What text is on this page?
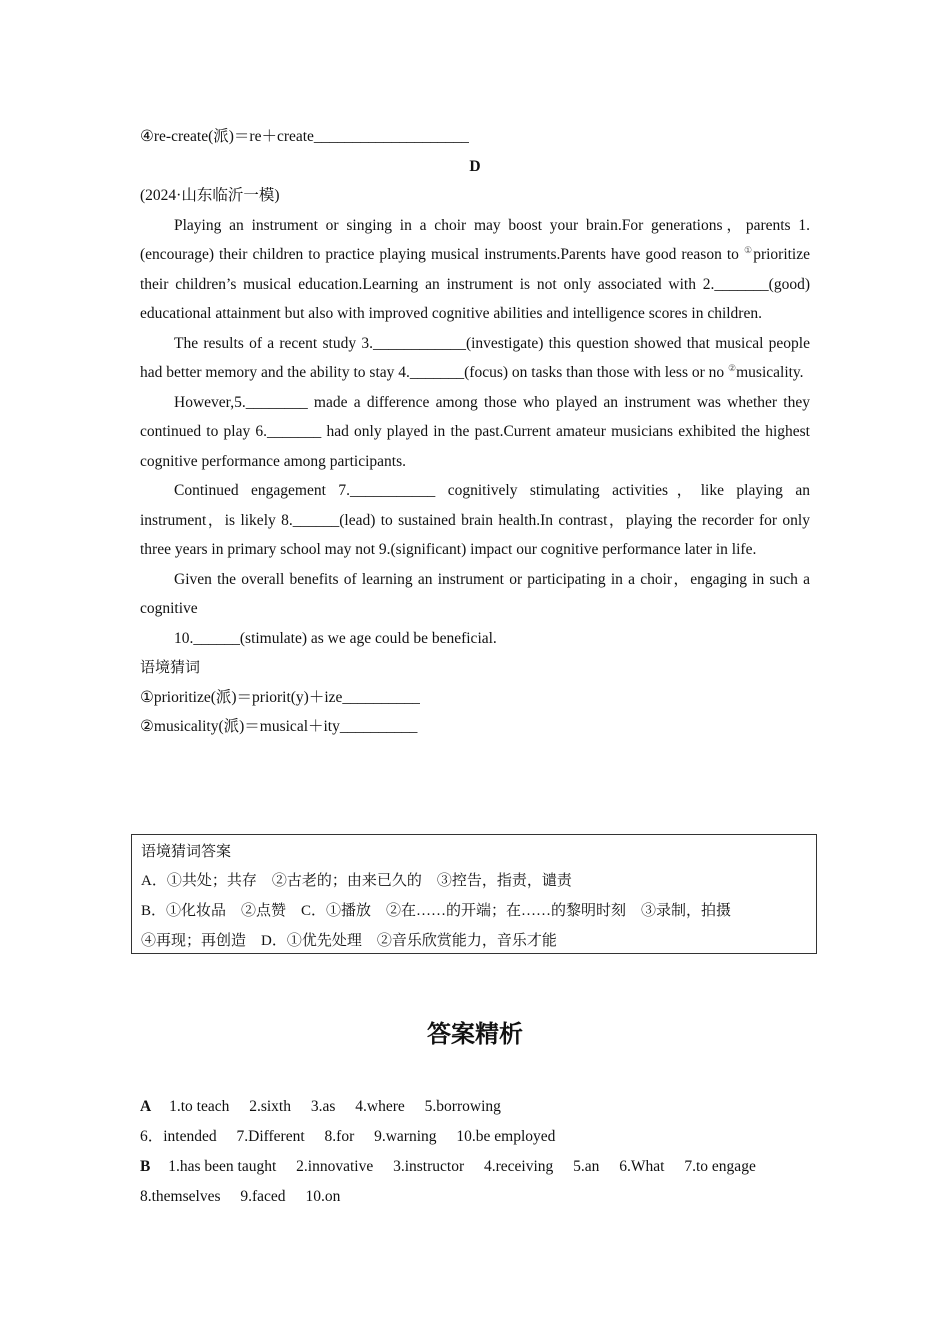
④re-create(派)＝re＋create____________________
D
(2024·山东临沂一模)

Playing an instrument or singing in a choir may boost your brain.For generations，parents 1.(encourage) their children to practice playing musical instruments.Parents have good reason to ①prioritize their children’s musical education.Learning an instrument is not only associated with 2._______(good) educational attainment but also with improved cognitive abilities and intelligence scores in children.

The results of a recent study 3.____________(investigate) this question showed that musical people had better memory and the ability to stay 4._______(focus) on tasks than those with less or no ②musicality.

However,5.________ made a difference among those who played an instrument was whether they continued to play 6._______ had only played in the past.Current amateur musicians exhibited the highest cognitive performance among participants.

Continued engagement 7.___________ cognitively stimulating activities，like playing an instrument，is likely 8.______(lead) to sustained brain health.In contrast，playing the recorder for only three years in primary school may not 9.(significant) impact our cognitive performance later in life.

Given the overall benefits of learning an instrument or participating in a choir，engaging in such a cognitive

10.______(stimulate) as we age could be beneficial.

语境猜词
①prioritize(派)＝priorit(y)＋ize__________
②musicality(派)＝musical＋ity__________
语境猜词答案
A．①共处；共存　②古老的；由来已久的　③控告，指责，谴责
B．①化妆品　②点赞　C．①播放　②在……的开端；在……的黎明时刻　③录制，拍摄
④再现；再创造　D．①优先处理　②音乐欣赏能力，音乐才能
答案精析
A 1.to teach 2.sixth 3.as 4.where 5.borrowing
6．intended 7.Different 8.for 9.warning 10.be employed
B 1.has been taught 2.innovative 3.instructor 4.receiving 5.an 6.What 7.to engage
8.themselves 9.faced 10.on
